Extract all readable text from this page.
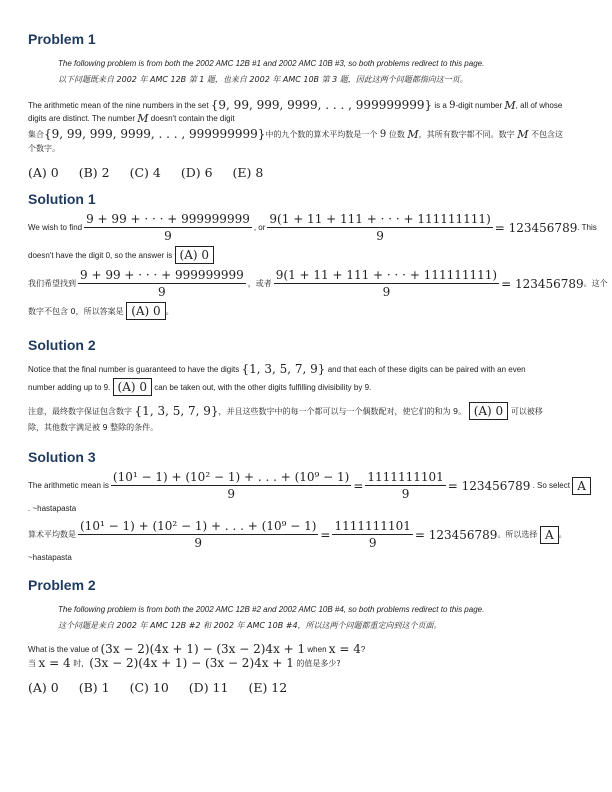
Problem 1
The following problem is from both the 2002 AMC 12B #1 and 2002 AMC 10B #3, so both problems redirect to this page.
以下问题既来自 2002 年 AMC 12B 第 1 题，也来自 2002 年 AMC 10B 第 3 题，因此这两个问题都指向这一页。
The arithmetic mean of the nine numbers in the set
{9, 99, 999, 9999, . . . , 999999999}
is a
9 -digit number
M , all of whose
digits are distinct. The number
M
doesn't contain the digit
集合 {9, 99, 999, 9999, . . . , 999999999} 中的九个数的算术平均数是一个
9
位数
M ，其所有数字都不同。数字
M
不包含这
个数字。
(A) 0 (B) 2 (C) 4 (D) 6 (E) 8
Solution 1
We wish to find $\frac{9 + 99 + \cdot \cdot \cdot + 999999999}{9}$ , or $\frac{9(1 + 11 + 111 + \cdot \cdot \cdot + 111111111)}{9} = 123456789$ . This
doesn't have the digit 0, so the answer is
(A) 0
我们希望找到 $\frac{9 + 99 + \cdot \cdot \cdot + 999999999}{9}$ ，或者 $\frac{9(1 + 11 + 111 + \cdot \cdot \cdot + 111111111)}{9} = 123456789$ 。这个
数字不包含 0，所以答案是
(A) 0 。
Solution 2
Notice that the final number is guaranteed to have the digits
{1, 3, 5, 7, 9}
and that each of these digits can be paired with an even
number adding up to 9.
(A) 0
can be taken out, with the other digits fulfilling divisibility by 9.
注意，最终数字保证包含数字
{1, 3, 5, 7, 9} ，并且这些数字中的每一个都可以与一个偶数配对，使它们的和为 9。
(A) 0
可以被移
除，其他数字满足被 9 整除的条件。
Solution 3
The arithmetic mean is $\frac{\text{(10¹ − 1) + (10² − 1) + . . . + (10⁹ − 1)}}{9} = \frac{1111111101}{9} = 123456789$
. So select
A
. ~hastapasta
算术平均数是 $\frac{\text{(10¹ − 1) + (10² − 1) + . . . + (10⁹ − 1)}}{9} = \frac{1111111101}{9} = 123456789$ 。所以选择
A 。
~hastapasta
Problem 2
The following problem is from both the 2002 AMC 12B #2 and 2002 AMC 10B #4, so both problems redirect to this page.
这个问题是来自 2002 年 AMC 12B #2 和 2002 年 AMC 10B #4，所以这两个问题都重定向到这个页面。
What is the value of
(3x − 2)(4x + 1) − (3x − 2)4x + 1
when
x = 4 ?
当
x = 4
时， (3x − 2)(4x + 1) − (3x − 2)4x + 1
的值是多少?
(A) 0 (B) 1 (C) 10 (D) 11 (E) 12
